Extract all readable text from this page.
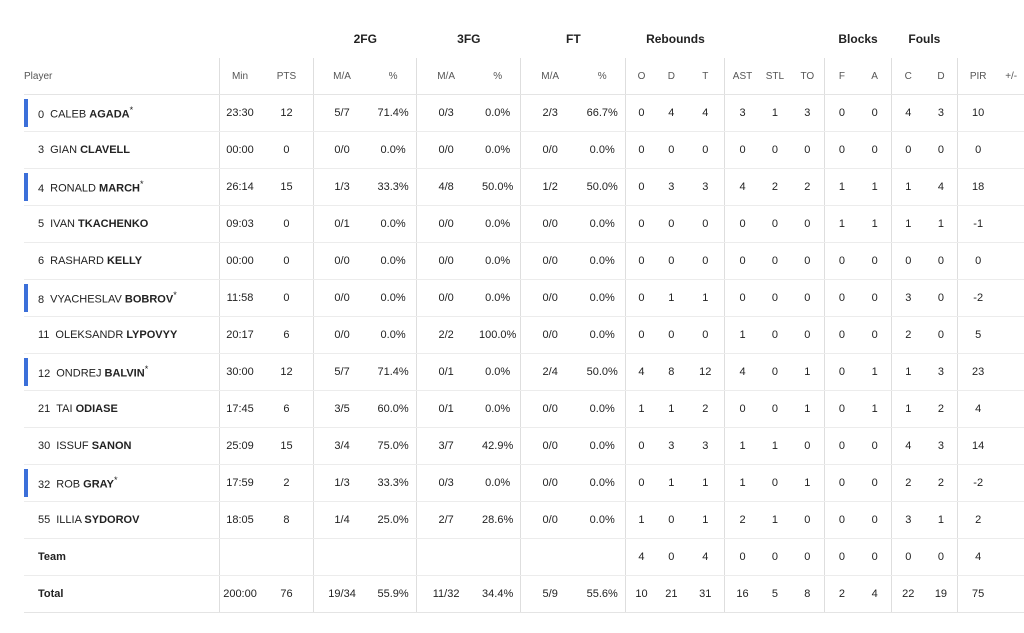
			2FG		3FG		FT		Rebounds						Blocks		Fouls			
Player	Min	PTS	M/A	%	M/A	%	M/A	%	O	D	T	AST	STL	TO	F	A	C	D	PIR	+/-

0 CALEB AGADA*	23:30	12	5/7	71.4%	0/3	0.0%	2/3	66.7%	0	4	4	3	1	3	0	0	4	3	10	
3 GIAN CLAVELL	00:00	0	0/0	0.0%	0/0	0.0%	0/0	0.0%	0	0	0	0	0	0	0	0	0	0	0	

4 RONALD MARCH*	26:14	15	1/3	33.3%	4/8	50.0%	1/2	50.0%	0	3	3	4	2	2	1	1	1	4	18	
5 IVAN TKACHENKO	09:03	0	0/1	0.0%	0/0	0.0%	0/0	0.0%	0	0	0	0	0	0	1	1	1	1	-1	
6 RASHARD KELLY	00:00	0	0/0	0.0%	0/0	0.0%	0/0	0.0%	0	0	0	0	0	0	0	0	0	0	0	

8 VYACHESLAV BOBROV*	11:58	0	0/0	0.0%	0/0	0.0%	0/0	0.0%	0	1	1	0	0	0	0	0	3	0	-2	
11 OLEKSANDR LYPOVYY	20:17	6	0/0	0.0%	2/2	100.0%	0/0	0.0%	0	0	0	1	0	0	0	0	2	0	5	

12 ONDREJ BALVIN*	30:00	12	5/7	71.4%	0/1	0.0%	2/4	50.0%	4	8	12	4	0	1	0	1	1	3	23	
21 TAI ODIASE	17:45	6	3/5	60.0%	0/1	0.0%	0/0	0.0%	1	1	2	0	0	1	0	1	1	2	4	
30 ISSUF SANON	25:09	15	3/4	75.0%	3/7	42.9%	0/0	0.0%	0	3	3	1	1	0	0	0	4	3	14	

32 ROB GRAY*	17:59	2	1/3	33.3%	0/3	0.0%	0/0	0.0%	0	1	1	1	0	1	0	0	2	2	-2	
55 ILLIA SYDOROV	18:05	8	1/4	25.0%	2/7	28.6%	0/0	0.0%	1	0	1	2	1	0	0	0	3	1	2	
Team									4	0	4	0	0	0	0	0	0	0	4	
Total	200:00	76	19/34	55.9%	11/32	34.4%	5/9	55.6%	10	21	31	16	5	8	2	4	22	19	75	
